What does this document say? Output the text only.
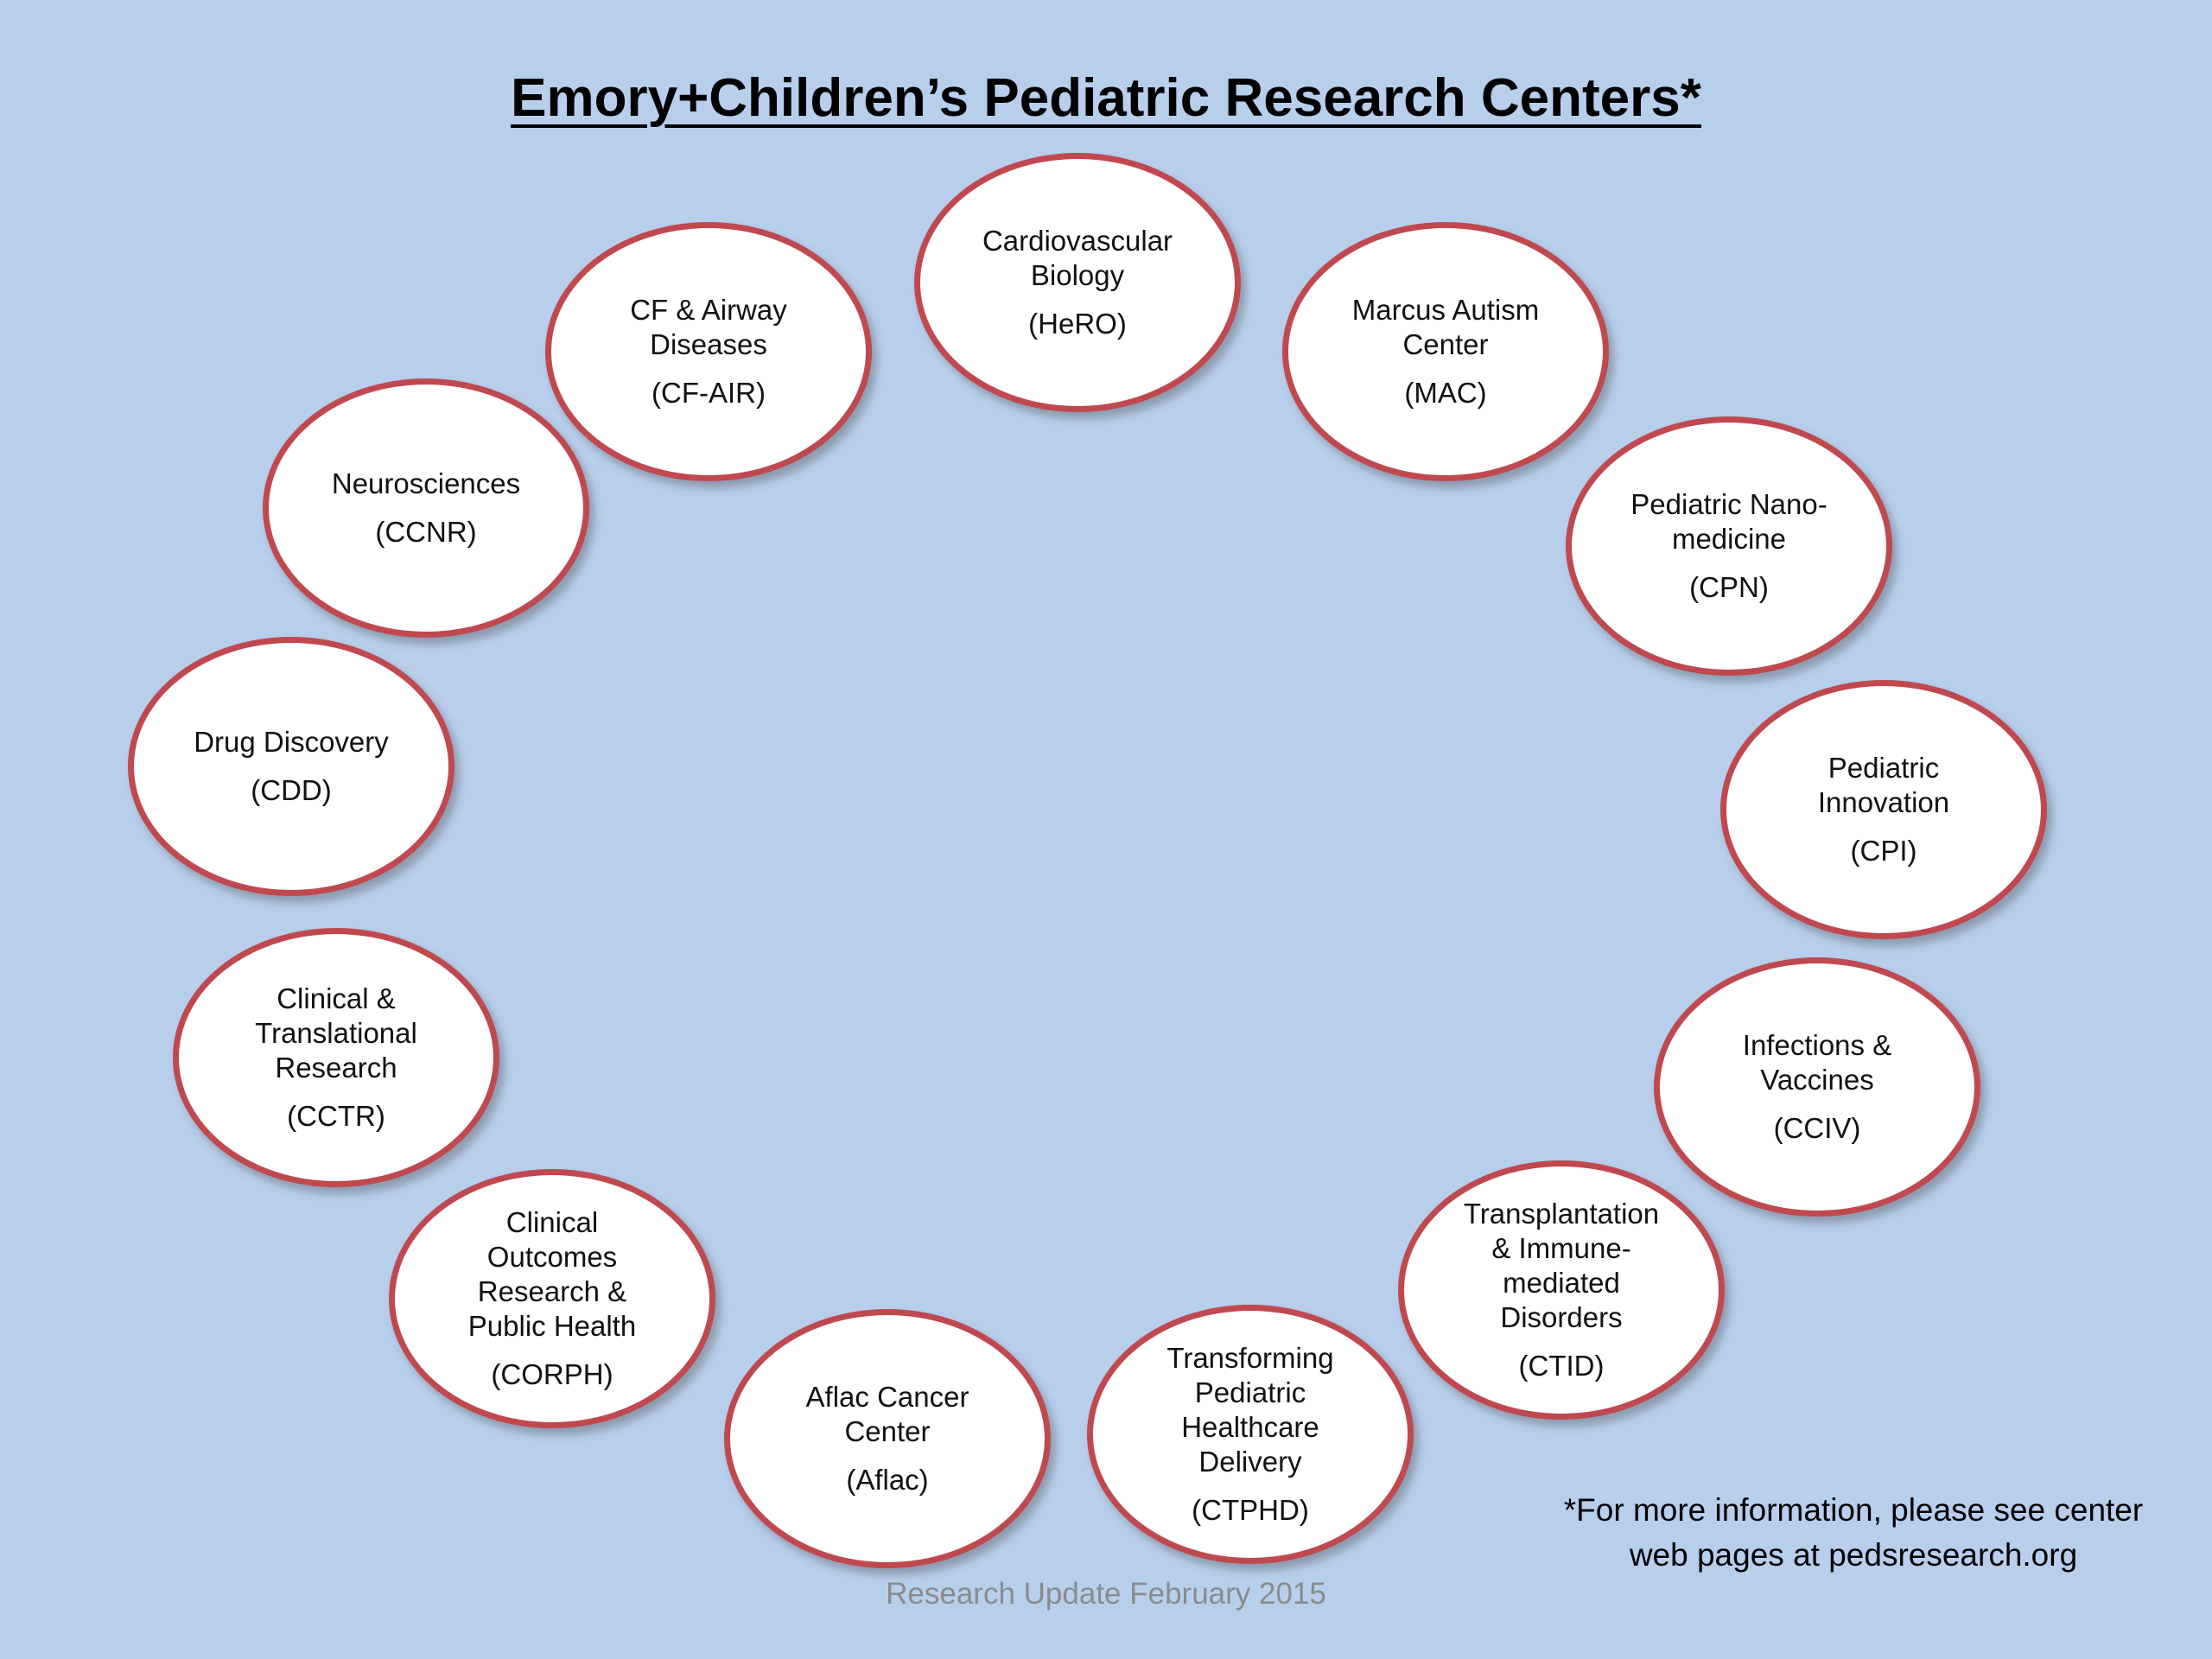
Emory+Children’s Pediatric Research Centers*
Cardiovascular
Biology
(HeRO)	Marcus Autism
Center
(MAC)
Pediatric Nano-
medicine
(CPN)
Pediatric
Innovation
(CPI)
Infections &
Vaccines
(CCIV)
Transplantation
& Immune-
mediated
Disorders
(CTID)
Transforming
Pediatric
Healthcare
Delivery
(CTPHD)
Aflac Cancer
Center
(Aflac)
Clinical
Outcomes
Research &
Public Health
(CORPH)
Clinical &
Translational
Research
(CCTR)
Drug Discovery
(CDD)
Neurosciences
(CCNR)
CF & Airway
Diseases
(CF-AIR)
Research Update February 2015
*For more information, please see center web pages at pedsresearch.org
